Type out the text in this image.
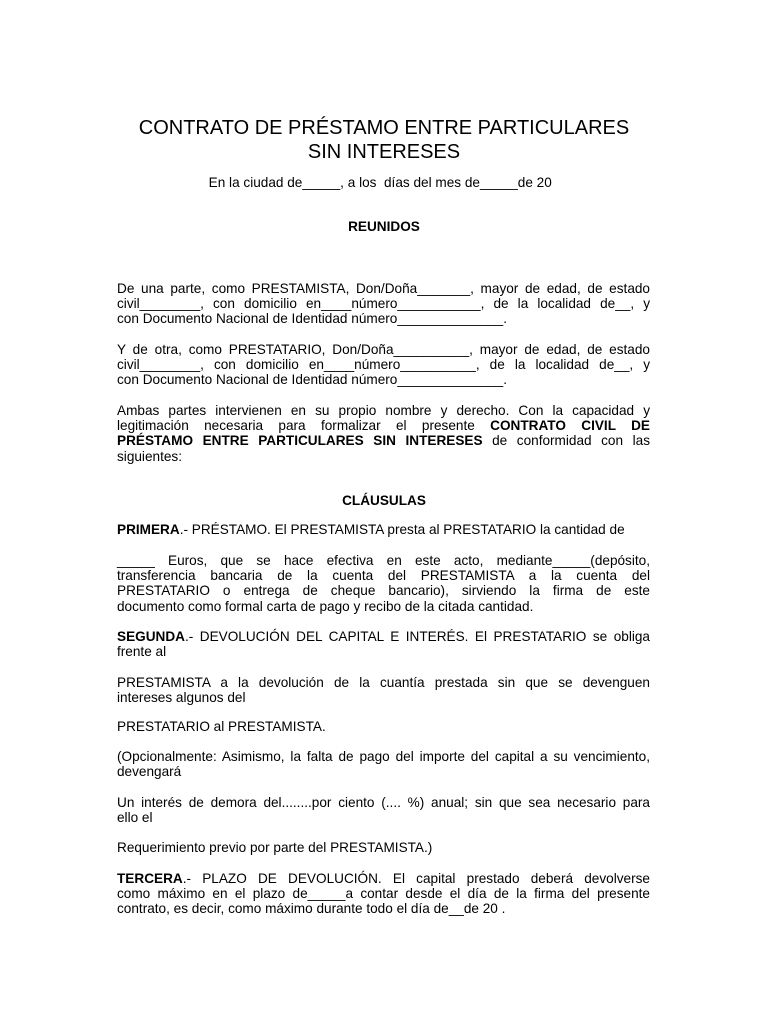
CONTRATO DE PRÉSTAMO ENTRE PARTICULARES
SIN INTERESES

En la ciudad de_____, a los  días del mes de_____de 20

REUNIDOS

De una parte, como PRESTAMISTA, Don/Doña_______, mayor de edad, de estado
civil________, con domicilio en____número___________, de la localidad de__, y
con Documento Nacional de Identidad número______________.
Y de otra, como PRESTATARIO, Don/Doña__________, mayor de edad, de estado
civil________, con domicilio en____número__________, de la localidad de__, y
con Documento Nacional de Identidad número______________.
Ambas partes intervienen en su propio nombre y derecho. Con la capacidad y
legitimación necesaria para formalizar el presente CONTRATO CIVIL DE
PRÉSTAMO ENTRE PARTICULARES SIN INTERESES de conformidad con las
siguientes:

CLÁUSULAS

PRIMERA.- PRÉSTAMO. El PRESTAMISTA presta al PRESTATARIO la cantidad de
_____ Euros, que se hace efectiva en este acto, mediante_____(depósito,
transferencia bancaria de la cuenta del PRESTAMISTA a la cuenta del
PRESTATARIO o entrega de cheque bancario), sirviendo la firma de este
documento como formal carta de pago y recibo de la citada cantidad.
SEGUNDA.- DEVOLUCIÓN DEL CAPITAL E INTERÉS. El PRESTATARIO se obliga
frente al
PRESTAMISTA a la devolución de la cuantía prestada sin que se devenguen
intereses algunos del
PRESTATARIO al PRESTAMISTA.
(Opcionalmente: Asimismo, la falta de pago del importe del capital a su vencimiento,
devengará
Un interés de demora del........por ciento (.... %) anual; sin que sea necesario para
ello el
Requerimiento previo por parte del PRESTAMISTA.)
TERCERA.- PLAZO DE DEVOLUCIÓN. El capital prestado deberá devolverse
como máximo en el plazo de_____a contar desde el día de la firma del presente
contrato, es decir, como máximo durante todo el día de__de 20 .
